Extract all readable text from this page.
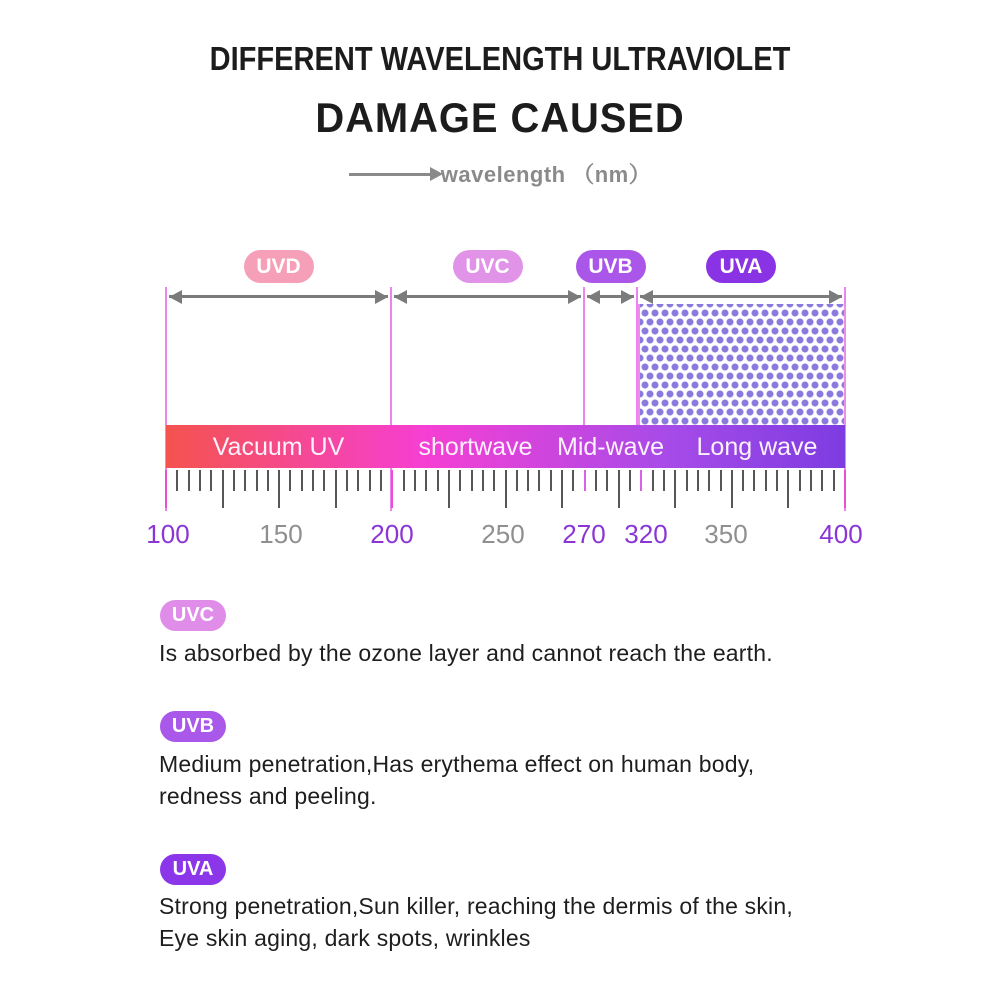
DIFFERENT WAVELENGTH ULTRAVIOLET
DAMAGE CAUSED
wavelength （nm）
UVD	UVC	UVB	UVA
Vacuum UV	shortwave Mid-wave Long wave
100	150	200	250 270 320 350	400
UVC

Is absorbed by the ozone layer and cannot reach the earth.

UVB

Medium penetration,Has erythema effect on human body,

redness and peeling.

UVA

Strong penetration,Sun killer, reaching the dermis of the skin,

Eye skin aging, dark spots, wrinkles
